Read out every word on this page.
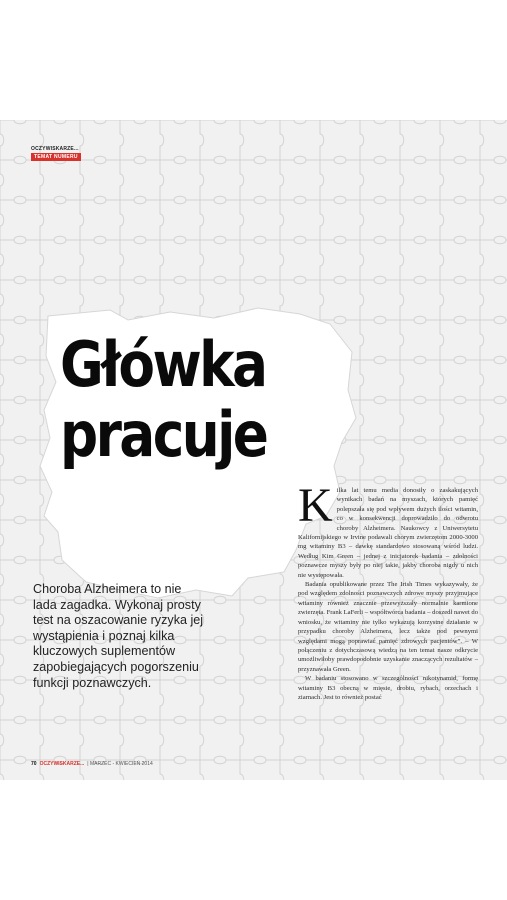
OCZYWISKARZE...
TEMAT NUMERU
Główka
pracuje
Choroba Alzheimera to nie lada zagadka. Wykonaj prosty test na oszacowanie ryzyka jej wystąpienia i poznaj kilka kluczowych suplementów zapobiegających pogorszeniu funkcji poznawczych.
K ilka lat temu media donosiły o zaskakujących wynikach badań na myszach, których pamięć polepszała się pod wpływem dużych ilości witamin, co w konsekwencji doprowadziło do odwrotu choroby Alzheimera. Naukowcy z Uniwersytetu Kalifornijskiego w Irvine podawali chorym zwierzętom 2000-3000 mg witaminy B3 – dawkę standardowo stosowaną wśród ludzi. Według Kim Green – jednej z inicjatorek badania – zdolności poznawcze myszy były po niej takie, jakby choroba nigdy u nich nie występowała.

Badania opublikowane przez The Irish Times wykazywały, że pod względem zdolności poznawczych zdrowe myszy przyjmujące witaminy również znacznie przewyższały normalnie karmione zwierzęta. Frank LaFerli – współtwórca badania – doszedł nawet do wniosku, że witaminy nie tylko wykazują korzystne działanie w przypadku choroby Alzheimera, lecz także pod pewnymi względami mogą poprawiać pamięć zdrowych pacjentów”. – W połączeniu z dotychczasową wiedzą na ten temat nasze odkrycie umożliwiłoby prawdopodobnie uzyskanie znaczących rezultatów – przyznawała Green.

W badaniu stosowano w szczególności nikotynamid, formę witaminy B3 obecną w mięsie, drobiu, rybach, orzechach i ziarnach. Jest to również postać

70 OCZYWISKARZE... | MARZEC - KWIECIEŃ 2014
